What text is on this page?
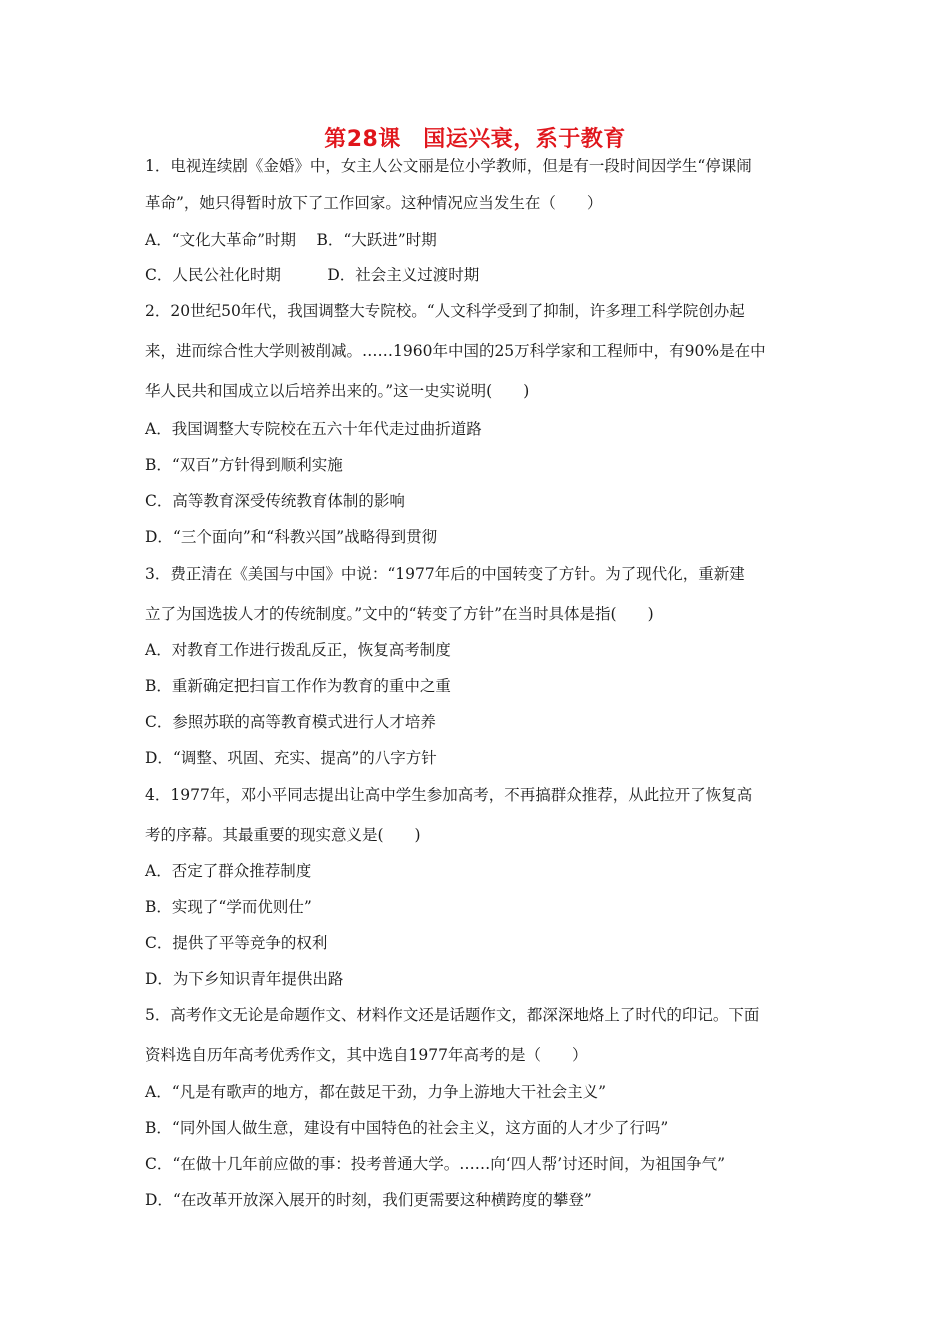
第28课　国运兴衰，系于教育
1．电视连续剧《金婚》中，女主人公文丽是位小学教师，但是有一段时间因学生“停课闹
革命”，她只得暂时放下了工作回家。这种情况应当发生在（　　）
A．“文化大革命”时期　 B．“大跃进”时期
C．人民公社化时期　　　D．社会主义过渡时期
2．20世纪50年代，我国调整大专院校。“人文科学受到了抑制，许多理工科学院创办起
来，进而综合性大学则被削减。……1960年中国的25万科学家和工程师中，有90%是在中
华人民共和国成立以后培养出来的。”这一史实说明(　　)
A．我国调整大专院校在五六十年代走过曲折道路
B．“双百”方针得到顺利实施
C．高等教育深受传统教育体制的影响
D．“三个面向”和“科教兴国”战略得到贯彻
3．费正清在《美国与中国》中说：“1977年后的中国转变了方针。为了现代化，重新建
立了为国选拔人才的传统制度。”文中的“转变了方针”在当时具体是指(　　)
A．对教育工作进行拨乱反正，恢复高考制度
B．重新确定把扫盲工作作为教育的重中之重
C．参照苏联的高等教育模式进行人才培养
D．“调整、巩固、充实、提高”的八字方针
4．1977年，邓小平同志提出让高中学生参加高考，不再搞群众推荐，从此拉开了恢复高
考的序幕。其最重要的现实意义是(　　)
A．否定了群众推荐制度
B．实现了“学而优则仕”
C．提供了平等竞争的权利
D．为下乡知识青年提供出路
5．高考作文无论是命题作文、材料作文还是话题作文，都深深地烙上了时代的印记。下面
资料选自历年高考优秀作文，其中选自1977年高考的是（　　）
A．“凡是有歌声的地方，都在鼓足干劲，力争上游地大干社会主义”
B．“同外国人做生意，建设有中国特色的社会主义，这方面的人才少了行吗”
C．“在做十几年前应做的事：投考普通大学。……向‘四人帮’讨还时间，为祖国争气”
D．“在改革开放深入展开的时刻，我们更需要这种横跨度的攀登”
